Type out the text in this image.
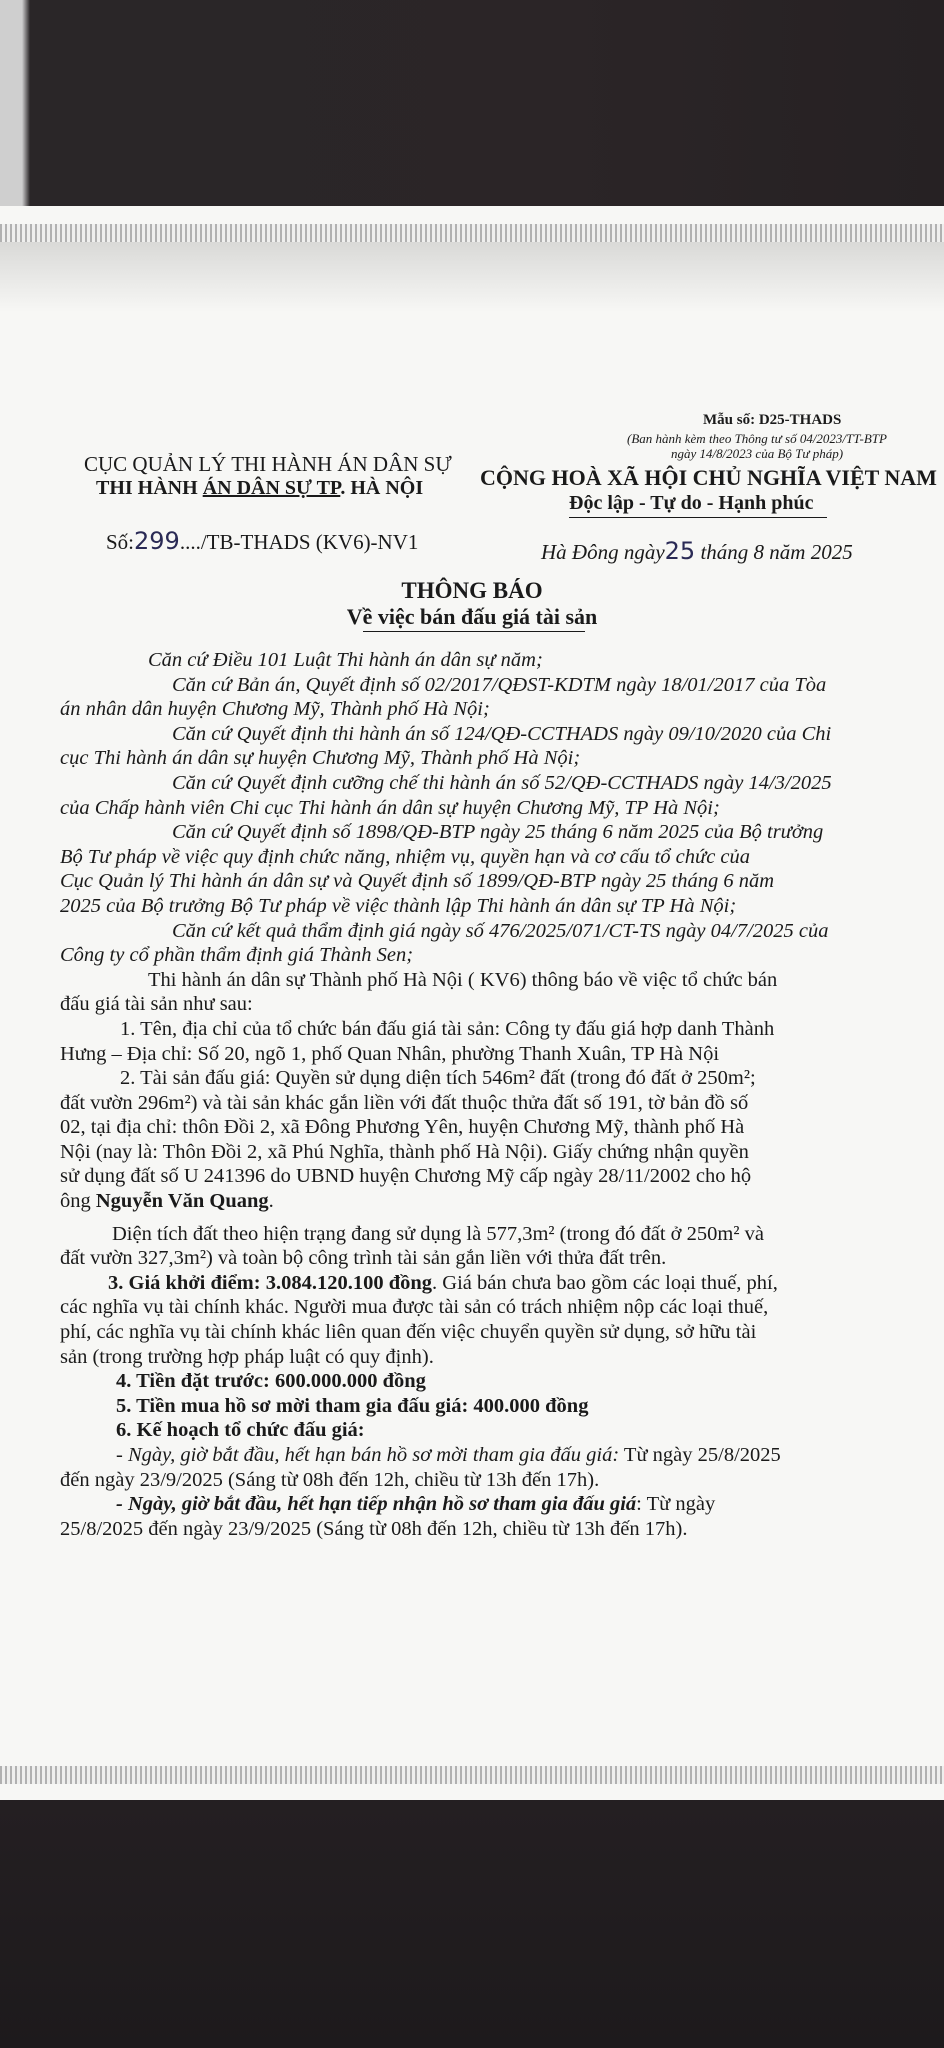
Mẫu số: D25-THADS
(Ban hành kèm theo Thông tư số 04/2023/TT-BTP
ngày 14/8/2023 của Bộ Tư pháp)
CỤC QUẢN LÝ THI HÀNH ÁN DÂN SỰ
THI HÀNH ÁN DÂN SỰ TP. HÀ NỘI	CỘNG HOÀ XÃ HỘI CHỦ NGHĨA VIỆT NAM
Độc lập - Tự do - Hạnh phúc
Số:299..../TB-THADS (KV6)-NV1	Hà Đông ngày25 tháng 8 năm 2025
THÔNG BÁO
Về việc bán đấu giá tài sản
Căn cứ Điều 101 Luật Thi hành án dân sự năm;
Căn cứ Bản án, Quyết định số 02/2017/QĐST-KDTM ngày 18/01/2017 của Tòa
án nhân dân huyện Chương Mỹ, Thành phố Hà Nội;
Căn cứ Quyết định thi hành án số 124/QĐ-CCTHADS ngày 09/10/2020 của Chi
cục Thi hành án dân sự huyện Chương Mỹ, Thành phố Hà Nội;
Căn cứ Quyết định cưỡng chế thi hành án số 52/QĐ-CCTHADS ngày 14/3/2025
của Chấp hành viên Chi cục Thi hành án dân sự huyện Chương Mỹ, TP Hà Nội;
Căn cứ Quyết định số 1898/QĐ-BTP ngày 25 tháng 6 năm 2025 của Bộ trưởng
Bộ Tư pháp về việc quy định chức năng, nhiệm vụ, quyền hạn và cơ cấu tổ chức của
Cục Quản lý Thi hành án dân sự và Quyết định số 1899/QĐ-BTP ngày 25 tháng 6 năm
2025 của Bộ trưởng Bộ Tư pháp về việc thành lập Thi hành án dân sự TP Hà Nội;
Căn cứ kết quả thẩm định giá ngày số 476/2025/071/CT-TS ngày 04/7/2025 của
Công ty cổ phần thẩm định giá Thành Sen;
Thi hành án dân sự Thành phố Hà Nội ( KV6) thông báo về việc tổ chức bán
đấu giá tài sản như sau:
1. Tên, địa chỉ của tổ chức bán đấu giá tài sản: Công ty đấu giá hợp danh Thành
Hưng – Địa chỉ: Số 20, ngõ 1, phố Quan Nhân, phường Thanh Xuân, TP Hà Nội
2. Tài sản đấu giá: Quyền sử dụng diện tích 546m² đất (trong đó đất ở 250m²;
đất vườn 296m²) và tài sản khác gắn liền với đất thuộc thửa đất số 191, tờ bản đồ số
02, tại địa chỉ: thôn Đồi 2, xã Đông Phương Yên, huyện Chương Mỹ, thành phố Hà
Nội (nay là: Thôn Đồi 2, xã Phú Nghĩa, thành phố Hà Nội). Giấy chứng nhận quyền
sử dụng đất số U 241396 do UBND huyện Chương Mỹ cấp ngày 28/11/2002 cho hộ
ông Nguyễn Văn Quang.
Diện tích đất theo hiện trạng đang sử dụng là 577,3m² (trong đó đất ở 250m² và
đất vườn 327,3m²) và toàn bộ công trình tài sản gắn liền với thửa đất trên.
3. Giá khởi điểm: 3.084.120.100 đồng. Giá bán chưa bao gồm các loại thuế, phí,
các nghĩa vụ tài chính khác. Người mua được tài sản có trách nhiệm nộp các loại thuế,
phí, các nghĩa vụ tài chính khác liên quan đến việc chuyển quyền sử dụng, sở hữu tài
sản (trong trường hợp pháp luật có quy định).
4. Tiền đặt trước: 600.000.000 đồng
5. Tiền mua hồ sơ mời tham gia đấu giá: 400.000 đồng
6. Kế hoạch tổ chức đấu giá:
- Ngày, giờ bắt đầu, hết hạn bán hồ sơ mời tham gia đấu giá: Từ ngày 25/8/2025
đến ngày 23/9/2025 (Sáng từ 08h đến 12h, chiều từ 13h đến 17h).
- Ngày, giờ bắt đầu, hết hạn tiếp nhận hồ sơ tham gia đấu giá: Từ ngày
25/8/2025 đến ngày 23/9/2025 (Sáng từ 08h đến 12h, chiều từ 13h đến 17h).
